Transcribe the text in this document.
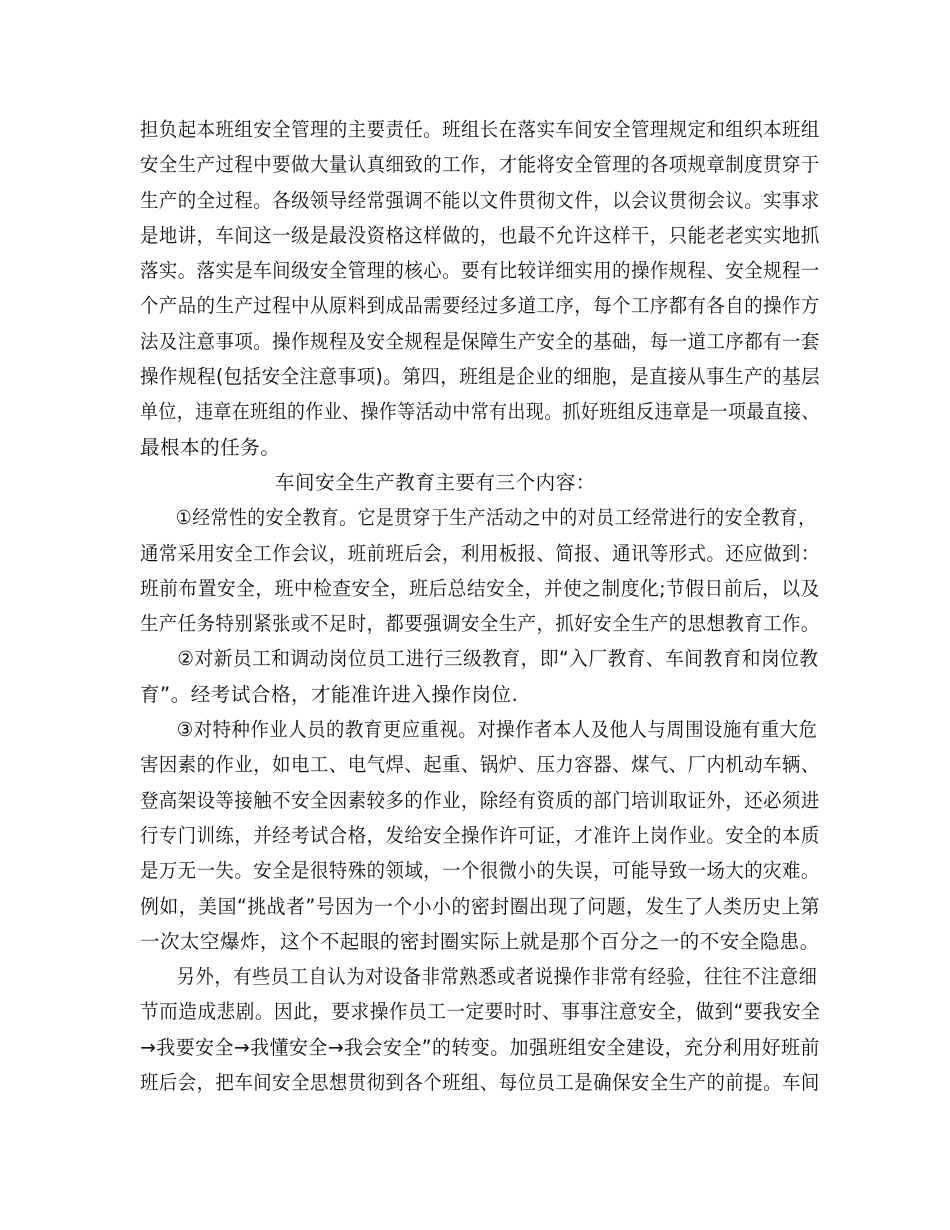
担负起本班组安全管理的主要责任。班组长在落实车间安全管理规定和组织本班组
安全生产过程中要做大量认真细致的工作，才能将安全管理的各项规章制度贯穿于
生产的全过程。各级领导经常强调不能以文件贯彻文件，以会议贯彻会议。实事求
是地讲，车间这一级是最没资格这样做的，也最不允许这样干，只能老老实实地抓
落实。落实是车间级安全管理的核心。要有比较详细实用的操作规程、安全规程一
个产品的生产过程中从原料到成品需要经过多道工序，每个工序都有各自的操作方
法及注意事项。操作规程及安全规程是保障生产安全的基础，每一道工序都有一套
操作规程(包括安全注意事项)。第四，班组是企业的细胞，是直接从事生产的基层
单位，违章在班组的作业、操作等活动中常有出现。抓好班组反违章是一项最直接、
最根本的任务。
车间安全生产教育主要有三个内容：
①经常性的安全教育。它是贯穿于生产活动之中的对员工经常进行的安全教育，
通常采用安全工作会议，班前班后会，利用板报、简报、通讯等形式。还应做到：
班前布置安全，班中检查安全，班后总结安全，并使之制度化;节假日前后，以及
生产任务特别紧张或不足时，都要强调安全生产，抓好安全生产的思想教育工作。
②对新员工和调动岗位员工进行三级教育，即“入厂教育、车间教育和岗位教
育”。经考试合格，才能准许进入操作岗位.
③对特种作业人员的教育更应重视。对操作者本人及他人与周围设施有重大危
害因素的作业，如电工、电气焊、起重、锅炉、压力容器、煤气、厂内机动车辆、
登高架设等接触不安全因素较多的作业，除经有资质的部门培训取证外，还必须进
行专门训练，并经考试合格，发给安全操作许可证，才准许上岗作业。安全的本质
是万无一失。安全是很特殊的领域，一个很微小的失误，可能导致一场大的灾难。
例如，美国“挑战者”号因为一个小小的密封圈出现了问题，发生了人类历史上第
一次太空爆炸，这个不起眼的密封圈实际上就是那个百分之一的不安全隐患。
另外，有些员工自认为对设备非常熟悉或者说操作非常有经验，往往不注意细
节而造成悲剧。因此，要求操作员工一定要时时、事事注意安全，做到“要我安全
→我要安全→我懂安全→我会安全”的转变。加强班组安全建设，充分利用好班前
班后会，把车间安全思想贯彻到各个班组、每位员工是确保安全生产的前提。车间
